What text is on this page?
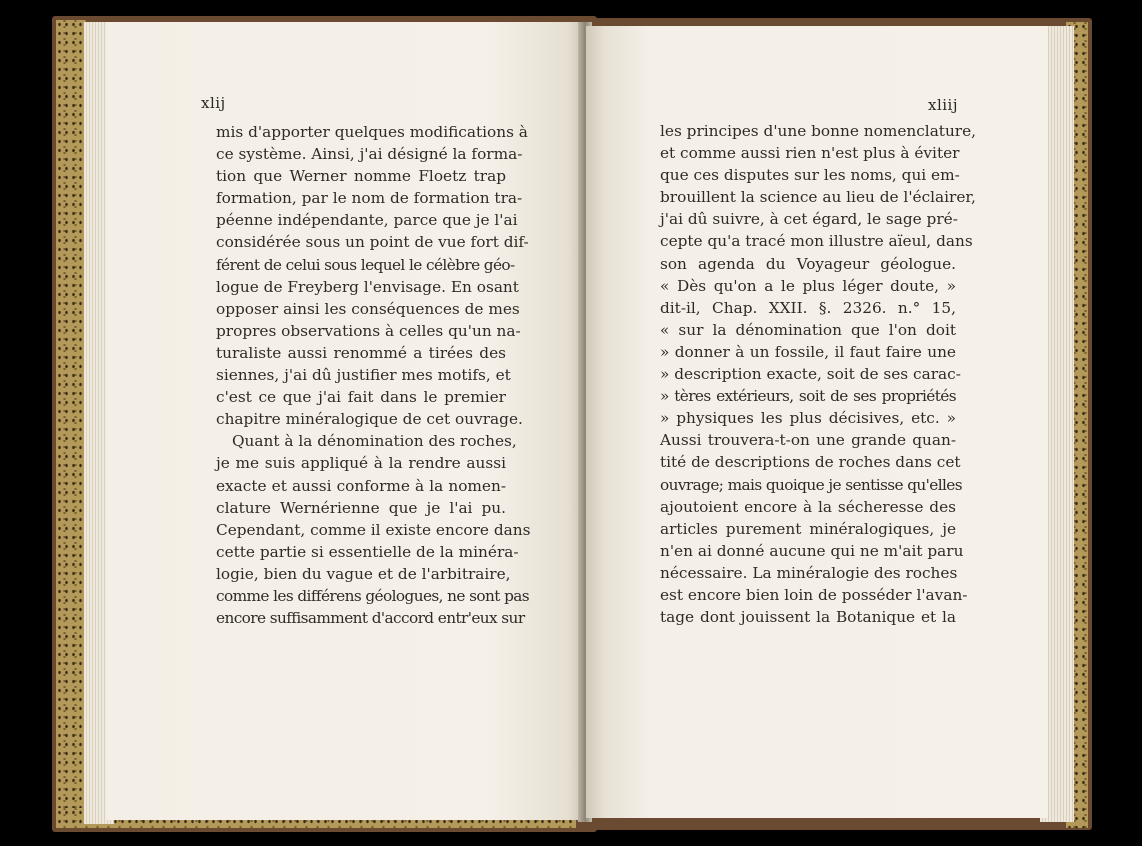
xlij
mis d'apporter quelques modifications à
ce système. Ainsi, j'ai désigné la forma-
tion que Werner nomme Floetz trap
formation, par le nom de formation tra-
péenne indépendante, parce que je l'ai
considérée sous un point de vue fort dif-
férent de celui sous lequel le célèbre géo-
logue de Freyberg l'envisage. En osant
opposer ainsi les conséquences de mes
propres observations à celles qu'un na-
turaliste aussi renommé a tirées des
siennes, j'ai dû justifier mes motifs, et
c'est ce que j'ai fait dans le premier
chapitre minéralogique de cet ouvrage.
Quant à la dénomination des roches,
je me suis appliqué à la rendre aussi
exacte et aussi conforme à la nomen-
clature Wernérienne que je l'ai pu.
Cependant, comme il existe encore dans
cette partie si essentielle de la minéra-
logie, bien du vague et de l'arbitraire,
comme les différens géologues, ne sont pas
encore suffisamment d'accord entr'eux sur
xliij
les principes d'une bonne nomenclature,
et comme aussi rien n'est plus à éviter
que ces disputes sur les noms, qui em-
brouillent la science au lieu de l'éclairer,
j'ai dû suivre, à cet égard, le sage pré-
cepte qu'a tracé mon illustre aïeul, dans
son agenda du Voyageur géologue.
« Dès qu'on a le plus léger doute, »
dit-il, Chap. XXII. §. 2326. n.° 15,
« sur la dénomination que l'on doit
» donner à un fossile, il faut faire une
» description exacte, soit de ses carac-
» tères extérieurs, soit de ses propriétés
» physiques les plus décisives, etc. »
Aussi trouvera-t-on une grande quan-
tité de descriptions de roches dans cet
ouvrage; mais quoique je sentisse qu'elles
ajoutoient encore à la sécheresse des
articles purement minéralogiques, je
n'en ai donné aucune qui ne m'ait paru
nécessaire. La minéralogie des roches
est encore bien loin de posséder l'avan-
tage dont jouissent la Botanique et la
